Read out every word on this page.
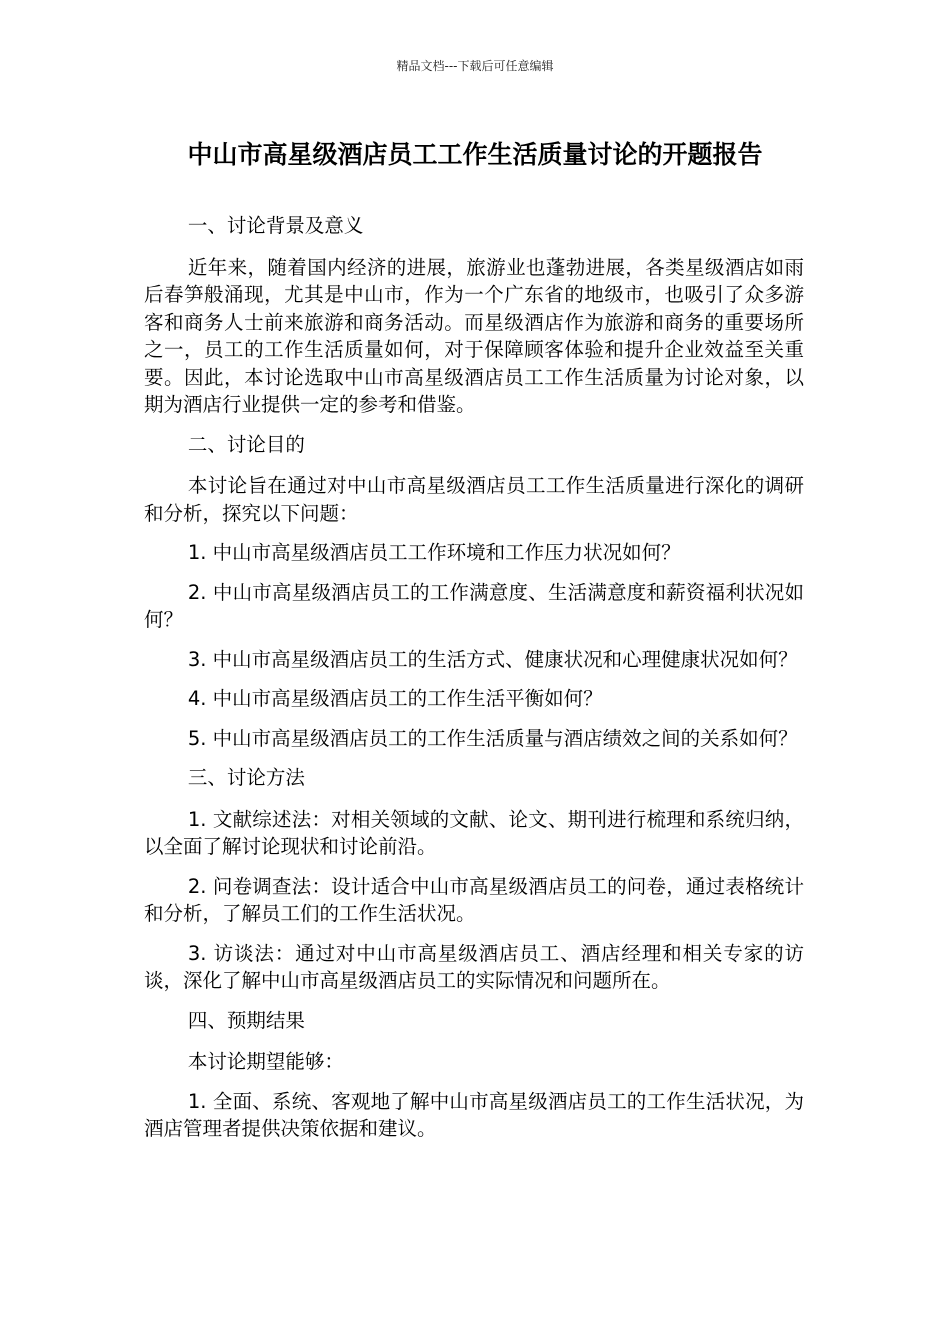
精品文档---下载后可任意编辑
中山市高星级酒店员工工作生活质量讨论的开题报告

一、讨论背景及意义

近年来，随着国内经济的进展，旅游业也蓬勃进展，各类星级酒店如雨后春笋般涌现，尤其是中山市，作为一个广东省的地级市，也吸引了众多游客和商务人士前来旅游和商务活动。而星级酒店作为旅游和商务的重要场所之一，员工的工作生活质量如何，对于保障顾客体验和提升企业效益至关重要。因此，本讨论选取中山市高星级酒店员工工作生活质量为讨论对象，以期为酒店行业提供一定的参考和借鉴。

二、讨论目的

本讨论旨在通过对中山市高星级酒店员工工作生活质量进行深化的调研和分析，探究以下问题：

1. 中山市高星级酒店员工工作环境和工作压力状况如何？

2. 中山市高星级酒店员工的工作满意度、生活满意度和薪资福利状况如何？

3. 中山市高星级酒店员工的生活方式、健康状况和心理健康状况如何？

4. 中山市高星级酒店员工的工作生活平衡如何？

5. 中山市高星级酒店员工的工作生活质量与酒店绩效之间的关系如何？

三、讨论方法

1. 文献综述法：对相关领域的文献、论文、期刊进行梳理和系统归纳，以全面了解讨论现状和讨论前沿。

2. 问卷调查法：设计适合中山市高星级酒店员工的问卷，通过表格统计和分析，了解员工们的工作生活状况。

3. 访谈法：通过对中山市高星级酒店员工、酒店经理和相关专家的访谈，深化了解中山市高星级酒店员工的实际情况和问题所在。

四、预期结果

本讨论期望能够：

1. 全面、系统、客观地了解中山市高星级酒店员工的工作生活状况，为酒店管理者提供决策依据和建议。
